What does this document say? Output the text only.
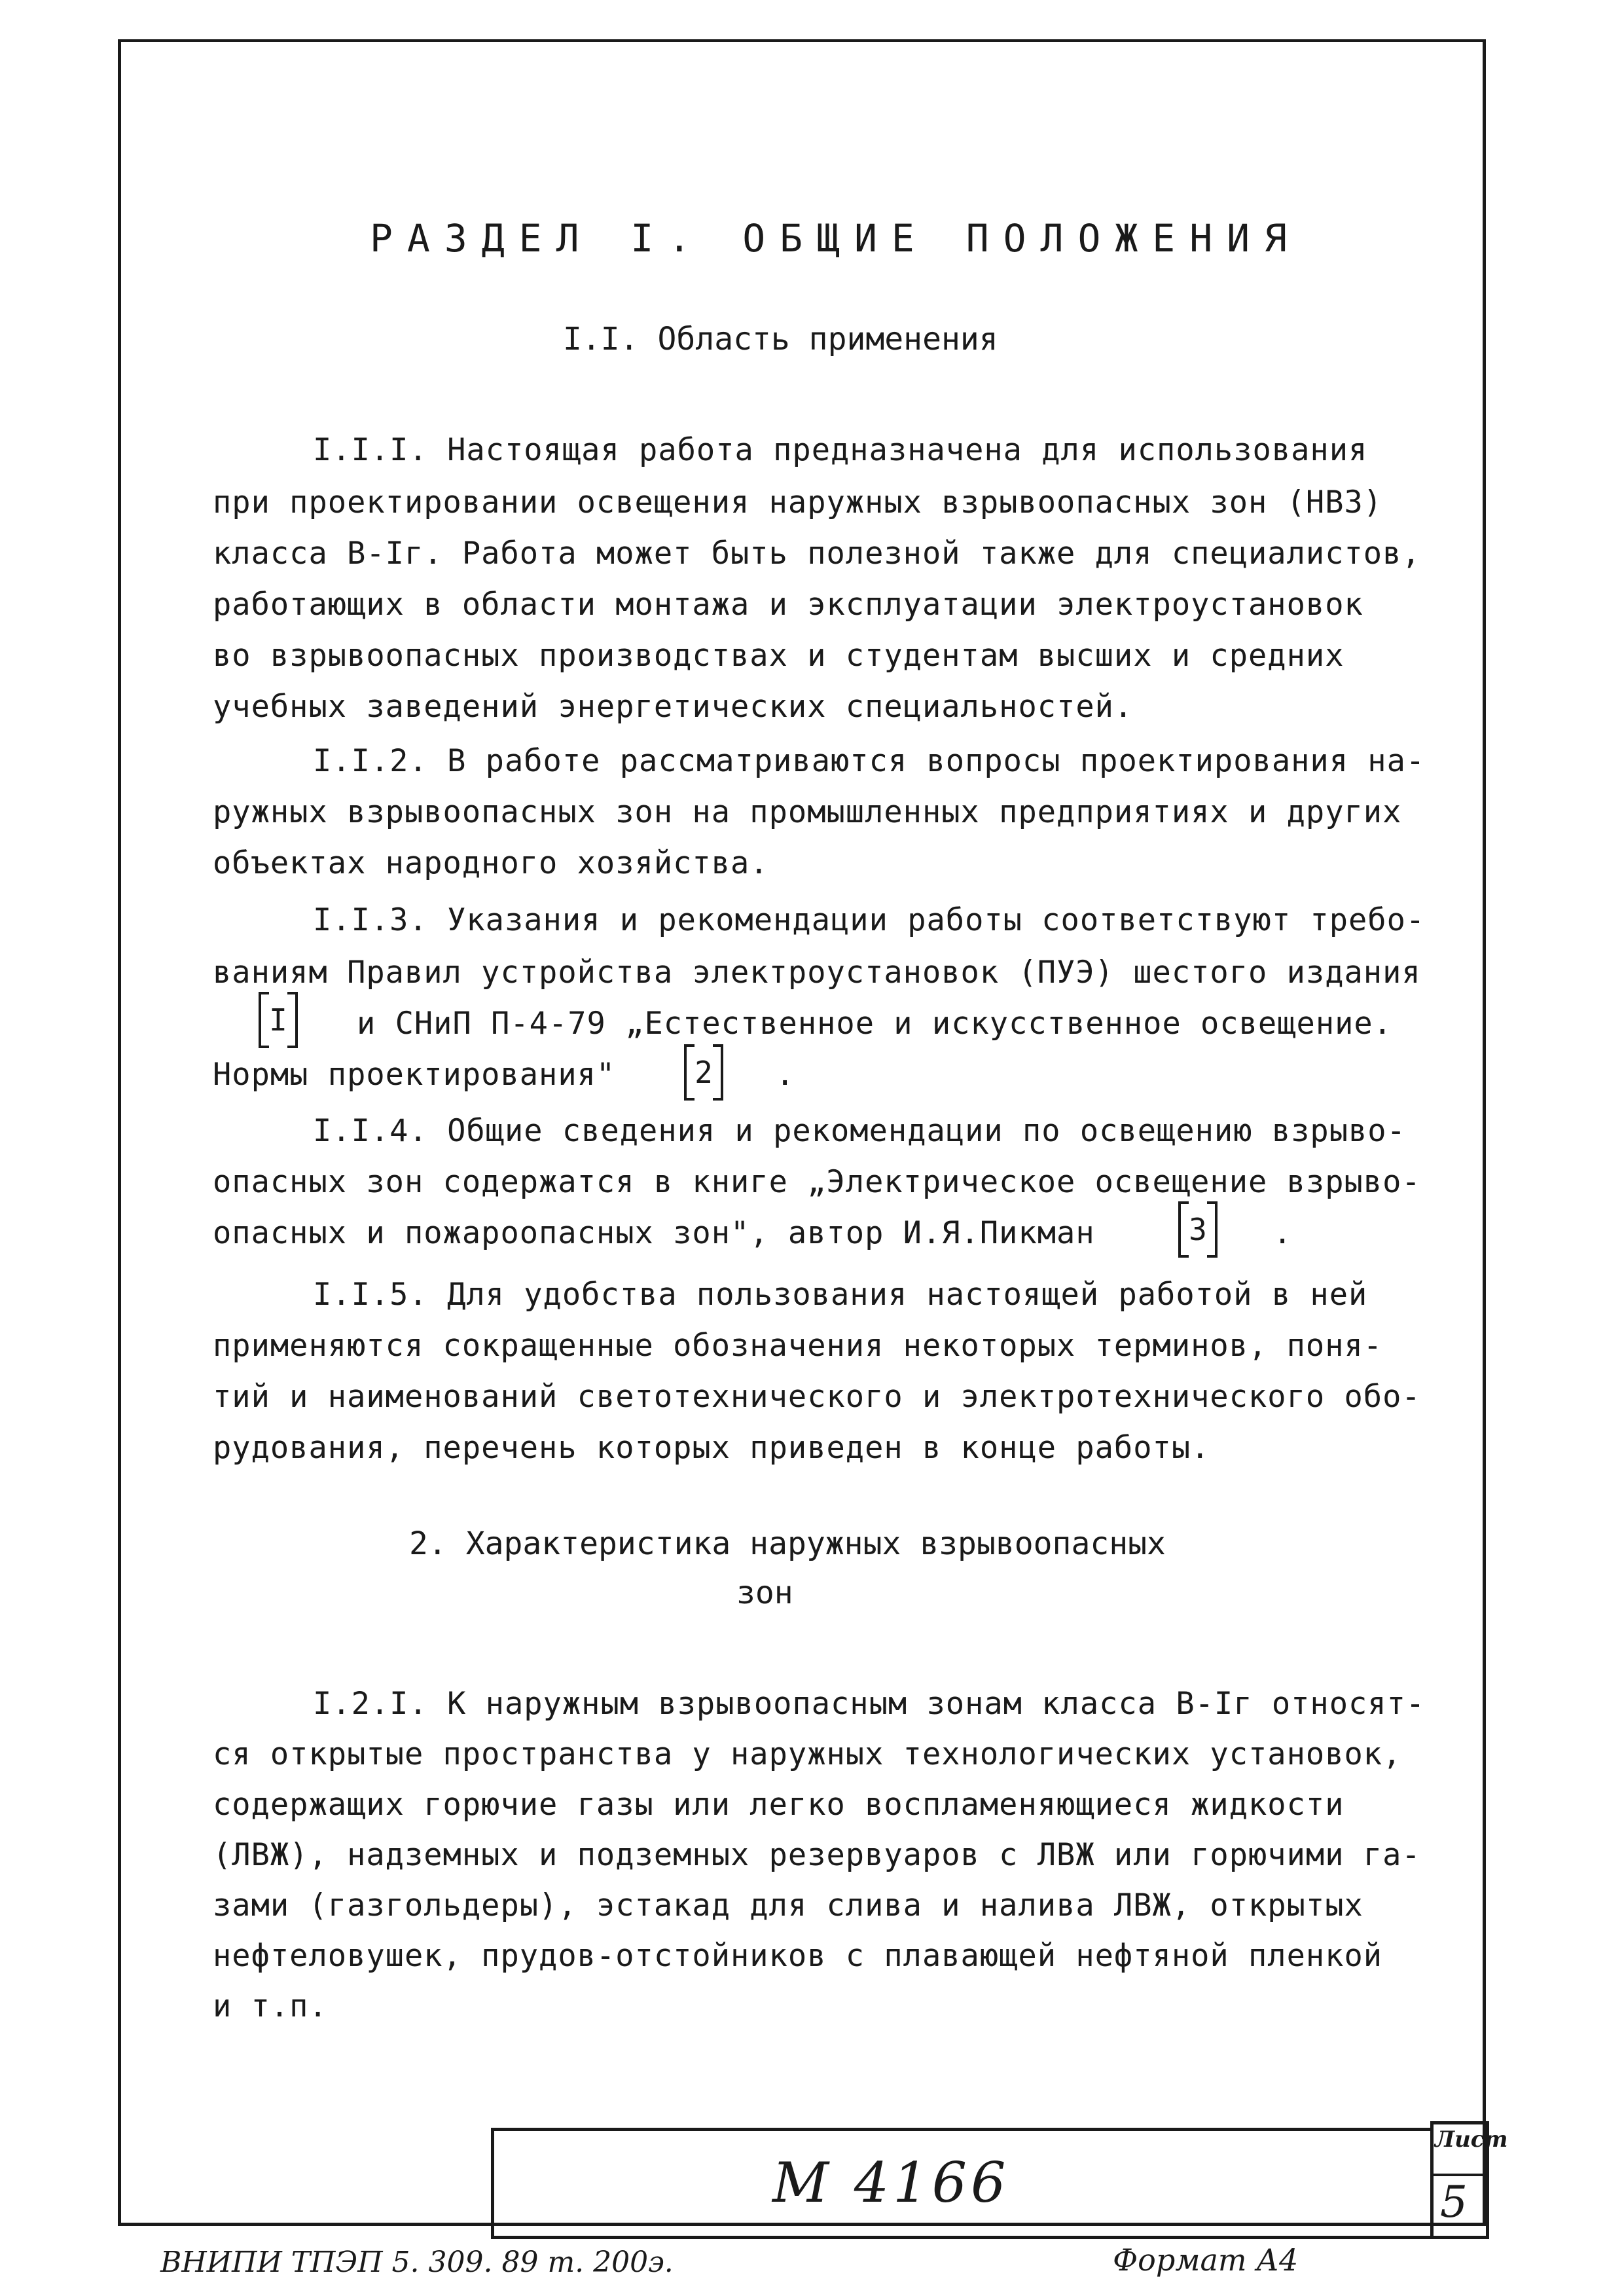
РАЗДЕЛ I. ОБЩИЕ ПОЛОЖЕНИЯ
I.I. Область применения
I.I.I. Настоящая работа предназначена для использования
при проектировании освещения наружных взрывоопасных зон (НВЗ)
класса В-Iг. Работа может быть полезной также для специалистов,
работающих в области монтажа и эксплуатации электроустановок
во взрывоопасных производствах и студентам высших и средних
учебных заведений энергетических специальностей.
I.I.2. В работе рассматриваются вопросы проектирования на-
ружных взрывоопасных зон на промышленных предприятиях и других
объектах народного хозяйства.
I.I.3. Указания и рекомендации работы соответствуют требо-
ваниям Правил устройства электроустановок (ПУЭ) шестого издания
I и СНиП П-4-79 „Естественное и искусственное освещение.
Нормы проектирования"	2 .
I.I.4. Общие сведения и рекомендации по освещению взрыво-
опасных зон содержатся в книге „Электрическое освещение взрыво-
опасных и пожароопасных зон", автор И.Я.Пикман	3 .
I.I.5. Для удобства пользования настоящей работой в ней
применяются сокращенные обозначения некоторых терминов, поня-
тий и наименований светотехнического и электротехнического обо-
рудования, перечень которых приведен в конце работы.
2. Характеристика наружных взрывоопасных
зон
I.2.I. К наружным взрывоопасным зонам класса В-Iг относят-
ся открытые пространства у наружных технологических установок,
содержащих горючие газы или легко воспламеняющиеся жидкости
(ЛВЖ), надземных и подземных резервуаров с ЛВЖ или горючими га-
зами (газгольдеры), эстакад для слива и налива ЛВЖ, открытых
нефтеловушек, прудов-отстойников с плавающей нефтяной пленкой
и т.п.
М 4166
Лист
5
ВНИПИ ТПЭП 5. 309. 89 т. 200э.	Формат А4
